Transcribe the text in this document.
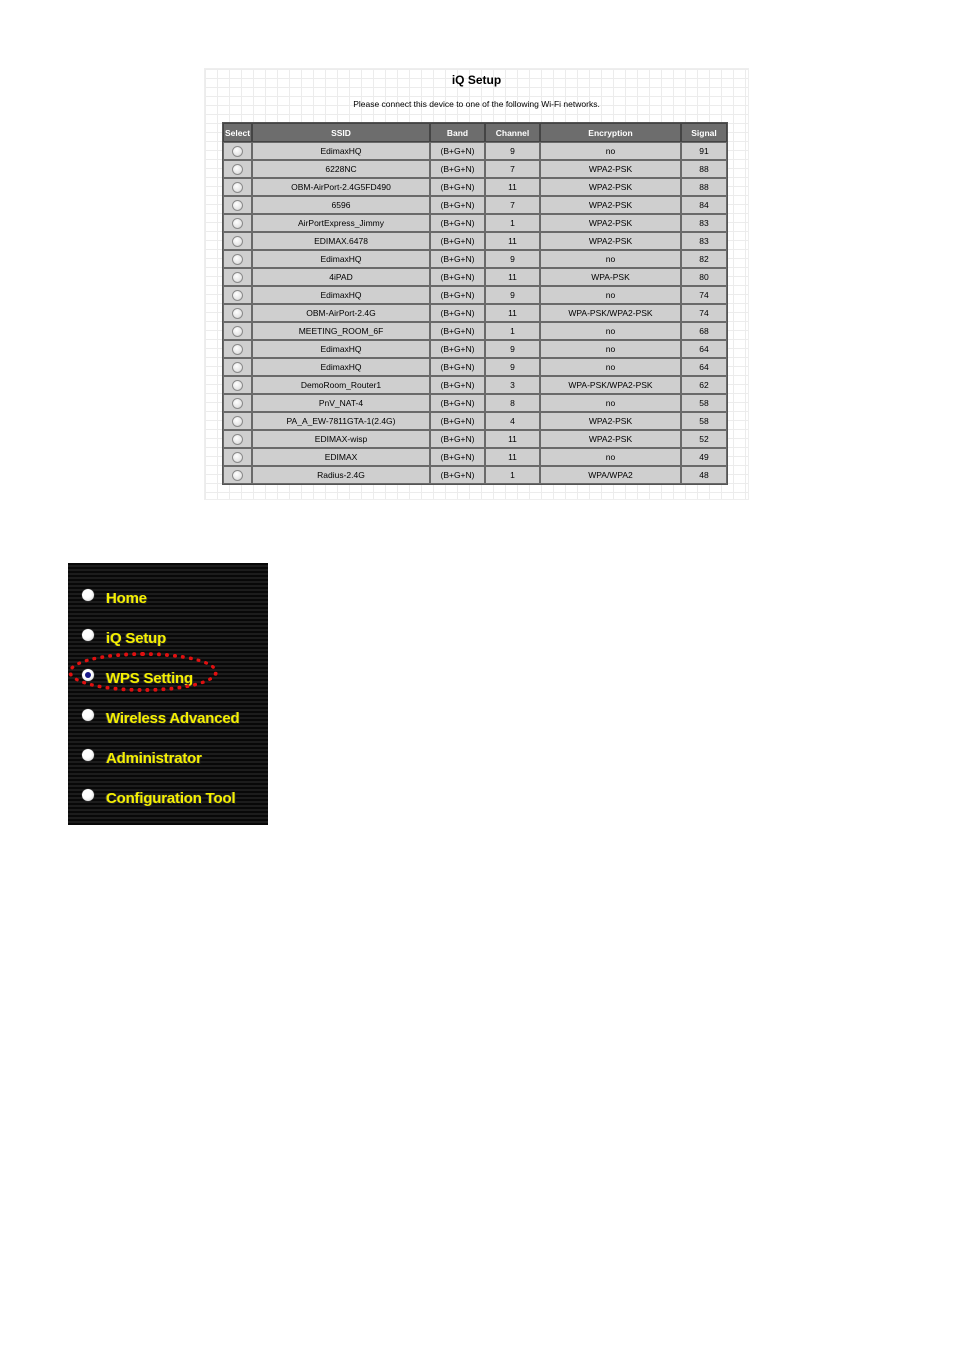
iQ Setup
Please connect this device to one of the following Wi-Fi networks.
Select	SSID	Band	Channel	Encryption	Signal
	EdimaxHQ	(B+G+N)	9	no	91
	6228NC	(B+G+N)	7	WPA2-PSK	88
	OBM-AirPort-2.4G5FD490	(B+G+N)	11	WPA2-PSK	88
	6596	(B+G+N)	7	WPA2-PSK	84
	AirPortExpress_Jimmy	(B+G+N)	1	WPA2-PSK	83
	EDIMAX.6478	(B+G+N)	11	WPA2-PSK	83
	EdimaxHQ	(B+G+N)	9	no	82
	4iPAD	(B+G+N)	11	WPA-PSK	80
	EdimaxHQ	(B+G+N)	9	no	74
	OBM-AirPort-2.4G	(B+G+N)	11	WPA-PSK/WPA2-PSK	74
	MEETING_ROOM_6F	(B+G+N)	1	no	68
	EdimaxHQ	(B+G+N)	9	no	64
	EdimaxHQ	(B+G+N)	9	no	64
	DemoRoom_Router1	(B+G+N)	3	WPA-PSK/WPA2-PSK	62
	PnV_NAT-4	(B+G+N)	8	no	58
	PA_A_EW-7811GTA-1(2.4G)	(B+G+N)	4	WPA2-PSK	58
	EDIMAX-wisp	(B+G+N)	11	WPA2-PSK	52
	EDIMAX	(B+G+N)	11	no	49
	Radius-2.4G	(B+G+N)	1	WPA/WPA2	48
Home
iQ Setup
WPS Setting
Wireless Advanced
Administrator
Configuration Tool
